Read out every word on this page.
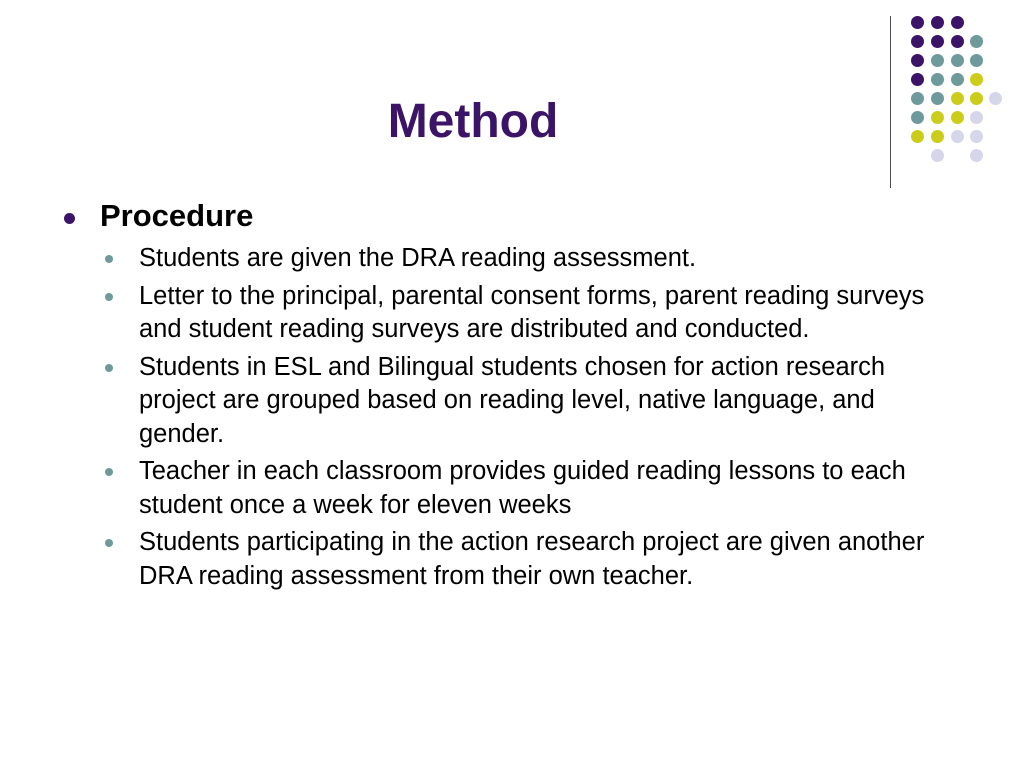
Method
Procedure
Students are given the DRA reading assessment.
Letter to the principal, parental consent forms, parent reading surveys and student reading surveys are distributed and conducted.
Students in ESL and Bilingual students chosen for action research project are grouped based on reading level, native language, and gender.
Teacher in each classroom provides guided reading lessons to each student once a week for eleven weeks
Students participating in the action research project are given another DRA reading assessment from their own teacher.
